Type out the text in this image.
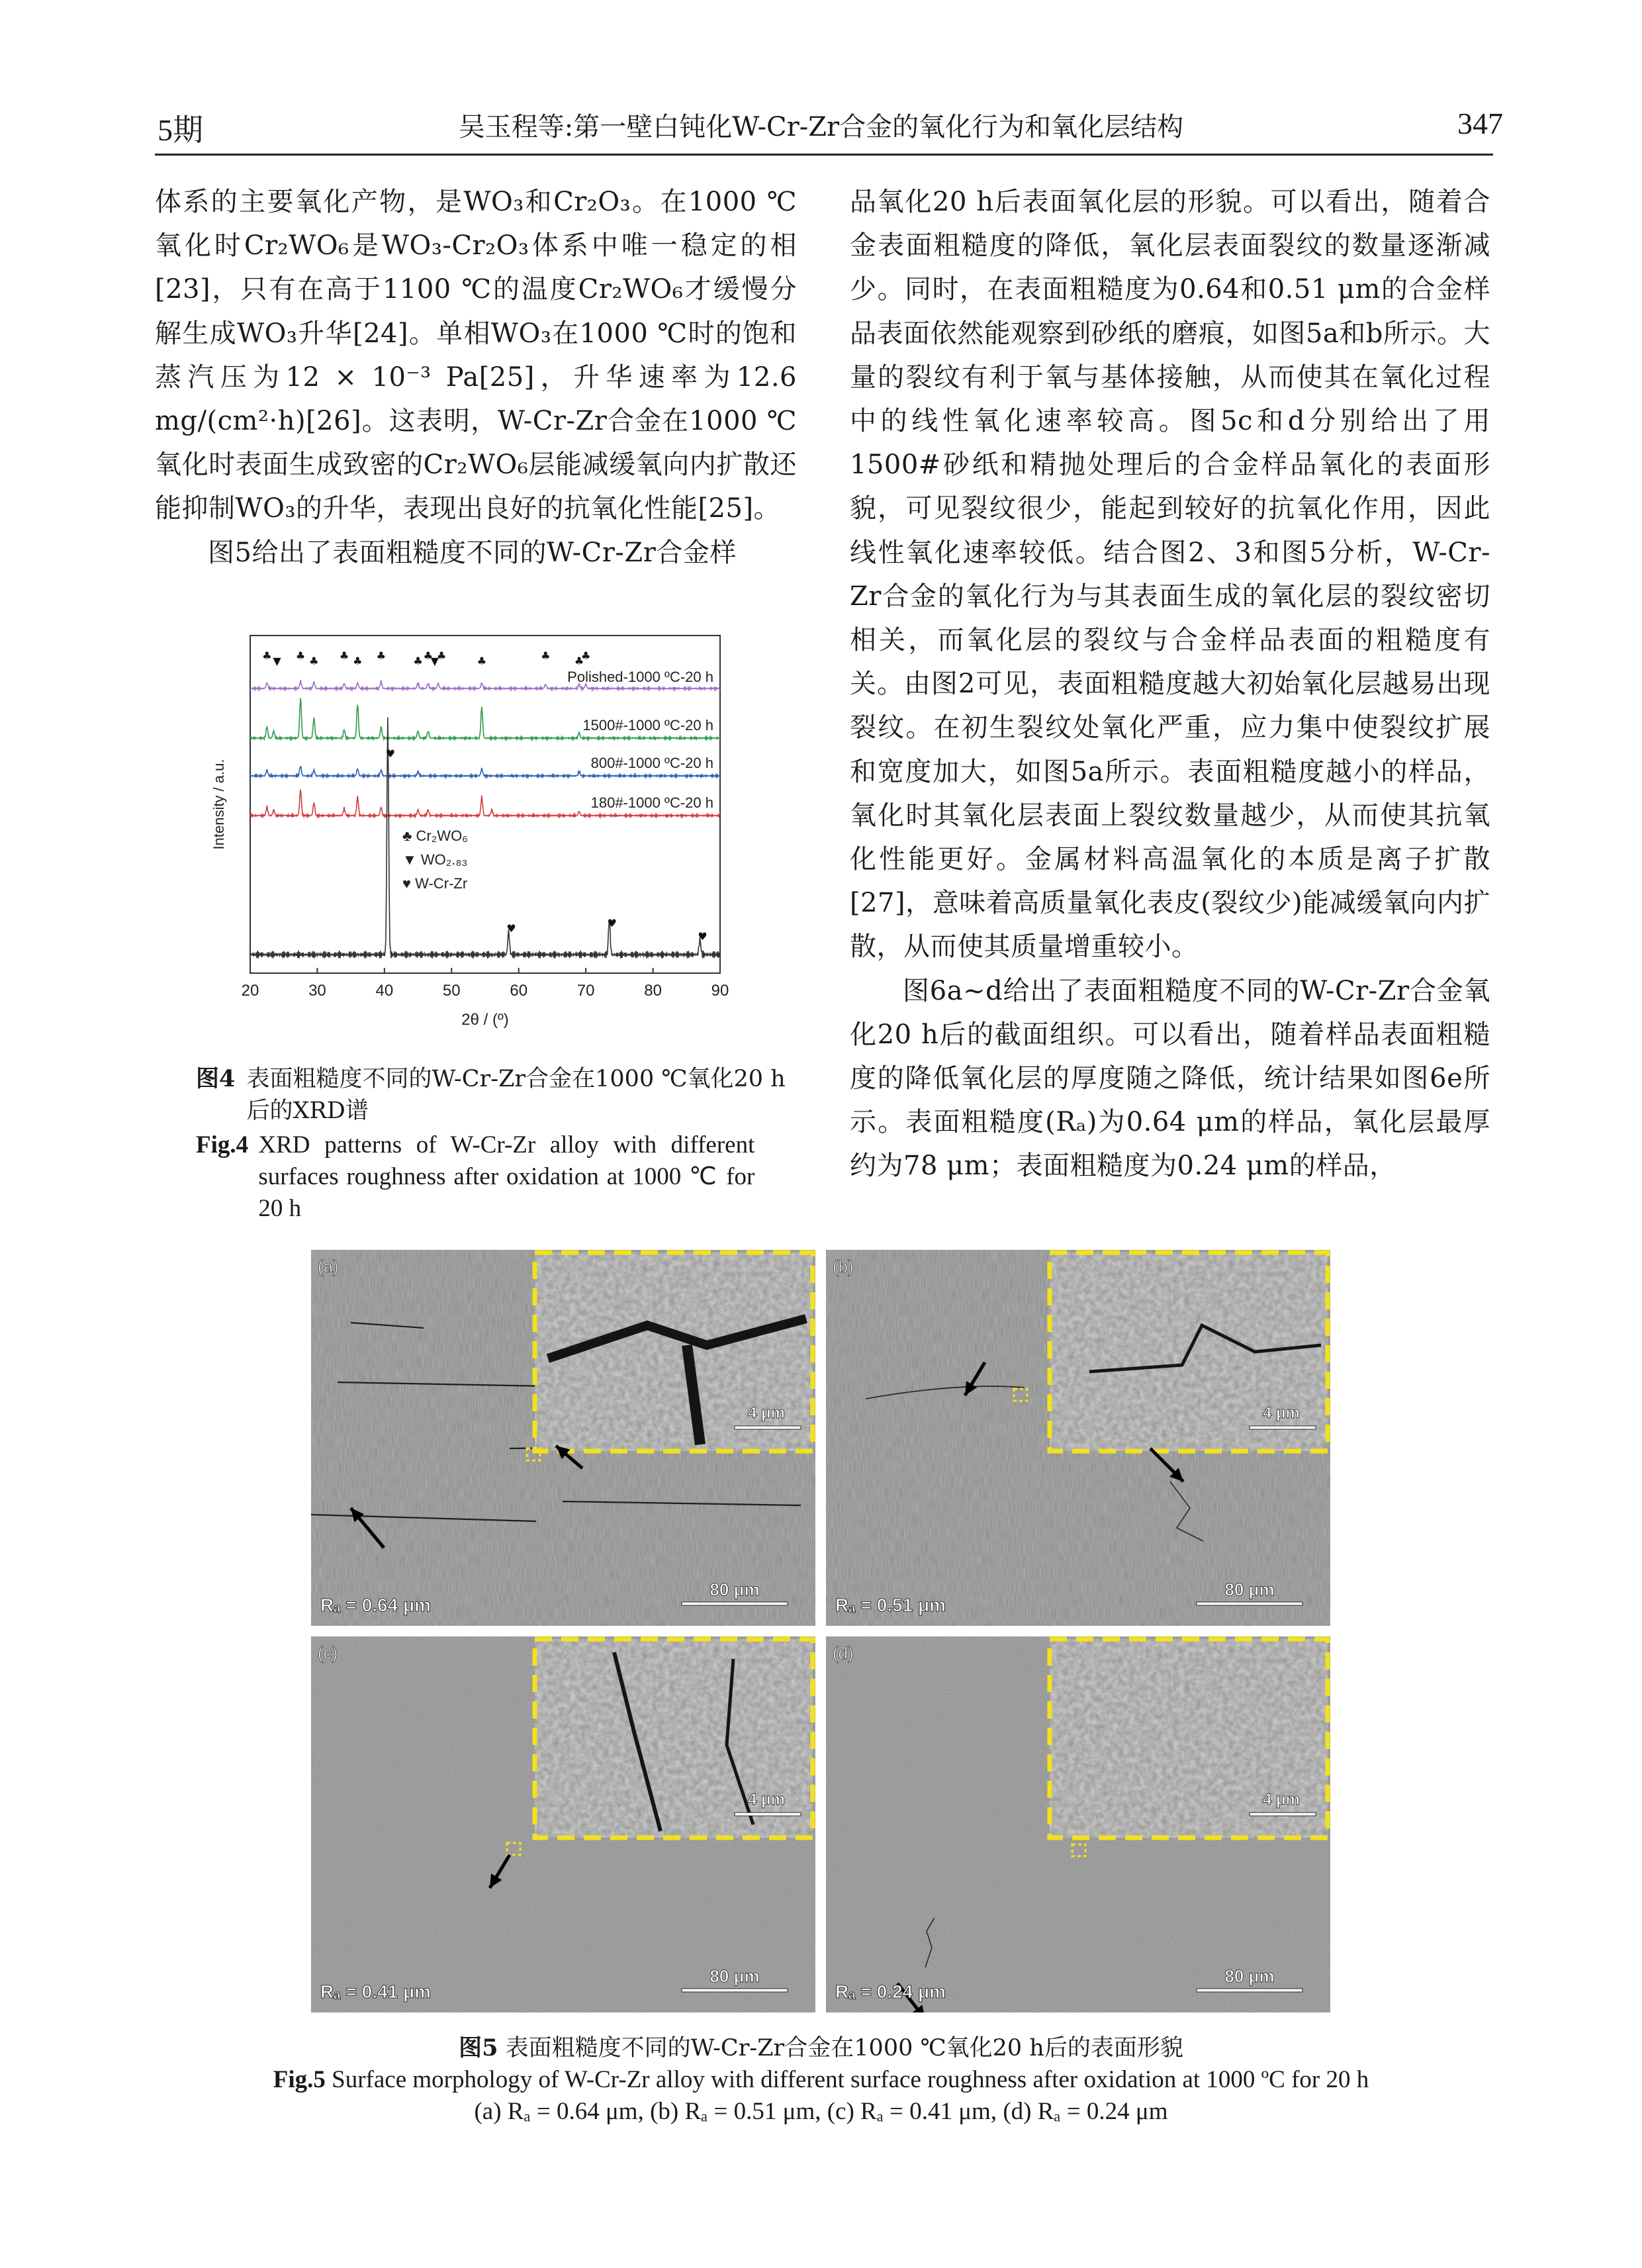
5期	吴玉程等:第一壁白钝化W-Cr-Zr合金的氧化行为和氧化层结构	347

体系的主要氧化产物，是WO₃和Cr₂O₃。在1000 ℃氧化时Cr₂WO₆是WO₃-Cr₂O₃体系中唯一稳定的相[23]，只有在高于1100 ℃的温度Cr₂WO₆才缓慢分解生成WO₃升华[24]。单相WO₃在1000 ℃时的饱和蒸汽压为12 × 10⁻³ Pa[25]，升华速率为12.6 mg/(cm²·h)[26]。这表明，W-Cr-Zr合金在1000 ℃氧化时表面生成致密的Cr₂WO₆层能减缓氧向内扩散还能抑制WO₃的升华，表现出良好的抗氧化性能[25]。

图5给出了表面粗糙度不同的W-Cr-Zr合金样

品氧化20 h后表面氧化层的形貌。可以看出，随着合金表面粗糙度的降低，氧化层表面裂纹的数量逐渐减少。同时，在表面粗糙度为0.64和0.51 μm的合金样品表面依然能观察到砂纸的磨痕，如图5a和b所示。大量的裂纹有利于氧与基体接触，从而使其在氧化过程中的线性氧化速率较高。图5c和d分别给出了用1500#砂纸和精抛处理后的合金样品氧化的表面形貌，可见裂纹很少，能起到较好的抗氧化作用，因此线性氧化速率较低。结合图2、3和图5分析，W-Cr-Zr合金的氧化行为与其表面生成的氧化层的裂纹密切相关，而氧化层的裂纹与合金样品表面的粗糙度有关。由图2可见，表面粗糙度越大初始氧化层越易出现裂纹。在初生裂纹处氧化严重，应力集中使裂纹扩展和宽度加大，如图5a所示。表面粗糙度越小的样品，氧化时其氧化层表面上裂纹数量越少，从而使其抗氧化性能更好。金属材料高温氧化的本质是离子扩散[27]，意味着高质量氧化表皮(裂纹少)能减缓氧向内扩散，从而使其质量增重较小。

图6a~d给出了表面粗糙度不同的W-Cr-Zr合金氧化20 h后的截面组织。可以看出，随着样品表面粗糙度的降低氧化层的厚度随之降低，统计结果如图6e所示。表面粗糙度(Rₐ)为0.64 μm的样品，氧化层最厚约为78 μm；表面粗糙度为0.24 μm的样品，

20	30	40	50	60	70	80	90
2θ / (º)
Intensity / a.u.
Polished-1000 ºC-20 h
1500#-1000 ºC-20 h
800#-1000 ºC-20 h
180#-1000 ºC-20 h
♣ Cr₂WO₆
▼ WO₂.₈₃
♥ W-Cr-Zr
♣ ▼ ♣ ♣ ♣ ♣ ♣	♣ ♣
▼
♣	♣	♣ ♣
♣
♥
♥	♥
♥
图4 表面粗糙度不同的W-Cr-Zr合金在1000 ℃氧化20 h后的XRD谱
Fig.4 XRD patterns of W-Cr-Zr alloy with different surfaces roughness after oxidation at 1000 ℃ for 20 h
(a)
Rₐ = 0.64 μm
80 μm
4 μm
(b)
Rₐ = 0.51 μm
80 μm
4 μm
(c)
Rₐ = 0.41 μm
80 μm
4 μm
(d)
Rₐ = 0.24 μm
80 μm
4 μm
图5 表面粗糙度不同的W-Cr-Zr合金在1000 ℃氧化20 h后的表面形貌
Fig.5 Surface morphology of W-Cr-Zr alloy with different surface roughness after oxidation at 1000 ºC for 20 h
(a) Rₐ = 0.64 μm, (b) Rₐ = 0.51 μm, (c) Rₐ = 0.41 μm, (d) Rₐ = 0.24 μm
